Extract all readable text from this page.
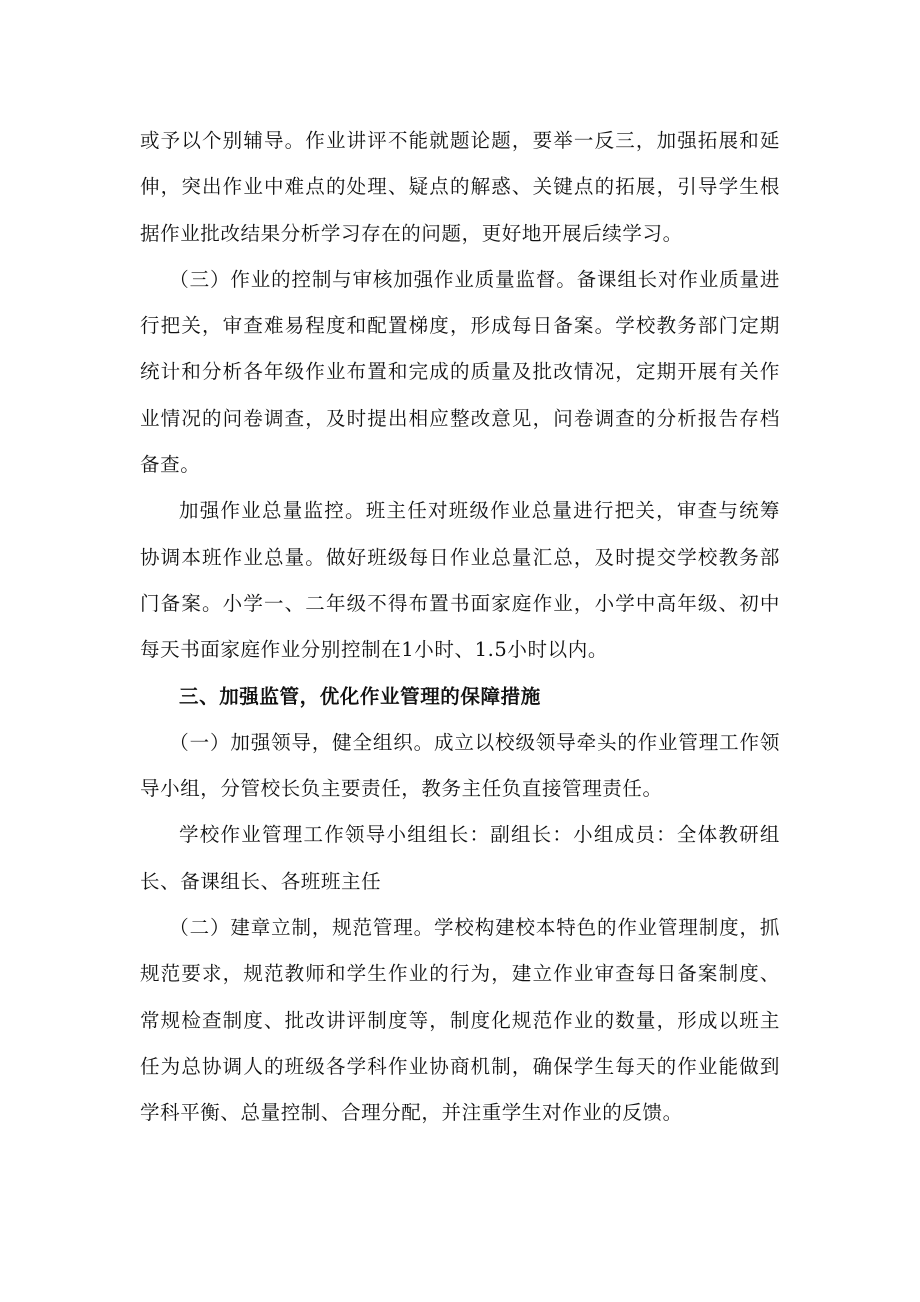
或予以个别辅导。作业讲评不能就题论题，要举一反三，加强拓展和延伸，突出作业中难点的处理、疑点的解惑、关键点的拓展，引导学生根据作业批改结果分析学习存在的问题，更好地开展后续学习。

（三）作业的控制与审核加强作业质量监督。备课组长对作业质量进行把关，审查难易程度和配置梯度，形成每日备案。学校教务部门定期统计和分析各年级作业布置和完成的质量及批改情况，定期开展有关作业情况的问卷调查，及时提出相应整改意见，问卷调查的分析报告存档备查。

加强作业总量监控。班主任对班级作业总量进行把关，审查与统筹协调本班作业总量。做好班级每日作业总量汇总，及时提交学校教务部门备案。小学一、二年级不得布置书面家庭作业，小学中高年级、初中每天书面家庭作业分别控制在1小时、1.5小时以内。

三、加强监管，优化作业管理的保障措施

（一）加强领导，健全组织。成立以校级领导牵头的作业管理工作领导小组，分管校长负主要责任，教务主任负直接管理责任。

学校作业管理工作领导小组组长：副组长：小组成员：全体教研组长、备课组长、各班班主任

（二）建章立制，规范管理。学校构建校本特色的作业管理制度，抓规范要求，规范教师和学生作业的行为，建立作业审查每日备案制度、常规检查制度、批改讲评制度等，制度化规范作业的数量，形成以班主任为总协调人的班级各学科作业协商机制，确保学生每天的作业能做到学科平衡、总量控制、合理分配，并注重学生对作业的反馈。
